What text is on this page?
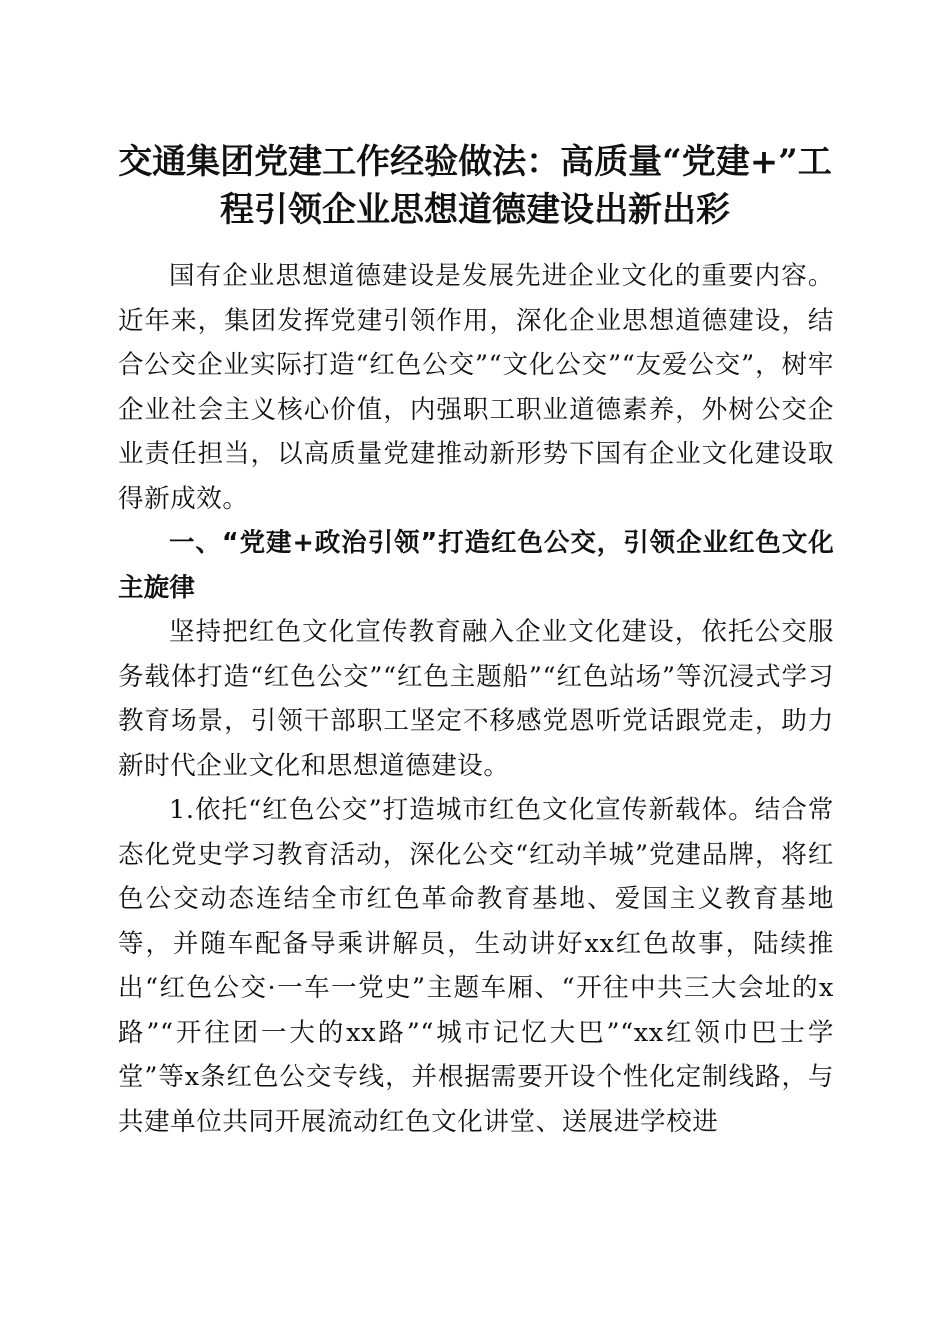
交通集团党建工作经验做法：高质量“党建+”工程引领企业思想道德建设出新出彩

国有企业思想道德建设是发展先进企业文化的重要内容。近年来，集团发挥党建引领作用，深化企业思想道德建设，结合公交企业实际打造“红色公交”“文化公交”“友爱公交”，树牢企业社会主义核心价值，内强职工职业道德素养，外树公交企业责任担当，以高质量党建推动新形势下国有企业文化建设取得新成效。

一、“党建+政治引领”打造红色公交，引领企业红色文化主旋律

坚持把红色文化宣传教育融入企业文化建设，依托公交服务载体打造“红色公交”“红色主题船”“红色站场”等沉浸式学习教育场景，引领干部职工坚定不移感党恩听党话跟党走，助力新时代企业文化和思想道德建设。

1.依托“红色公交”打造城市红色文化宣传新载体。结合常态化党史学习教育活动，深化公交“红动羊城”党建品牌，将红色公交动态连结全市红色革命教育基地、爱国主义教育基地等，并随车配备导乘讲解员，生动讲好xx红色故事，陆续推出“红色公交·一车一党史”主题车厢、“开往中共三大会址的x路”“开往团一大的xx路”“城市记忆大巴”“xx红领巾巴士学堂”等x条红色公交专线，并根据需要开设个性化定制线路，与共建单位共同开展流动红色文化讲堂、送展进学校进
